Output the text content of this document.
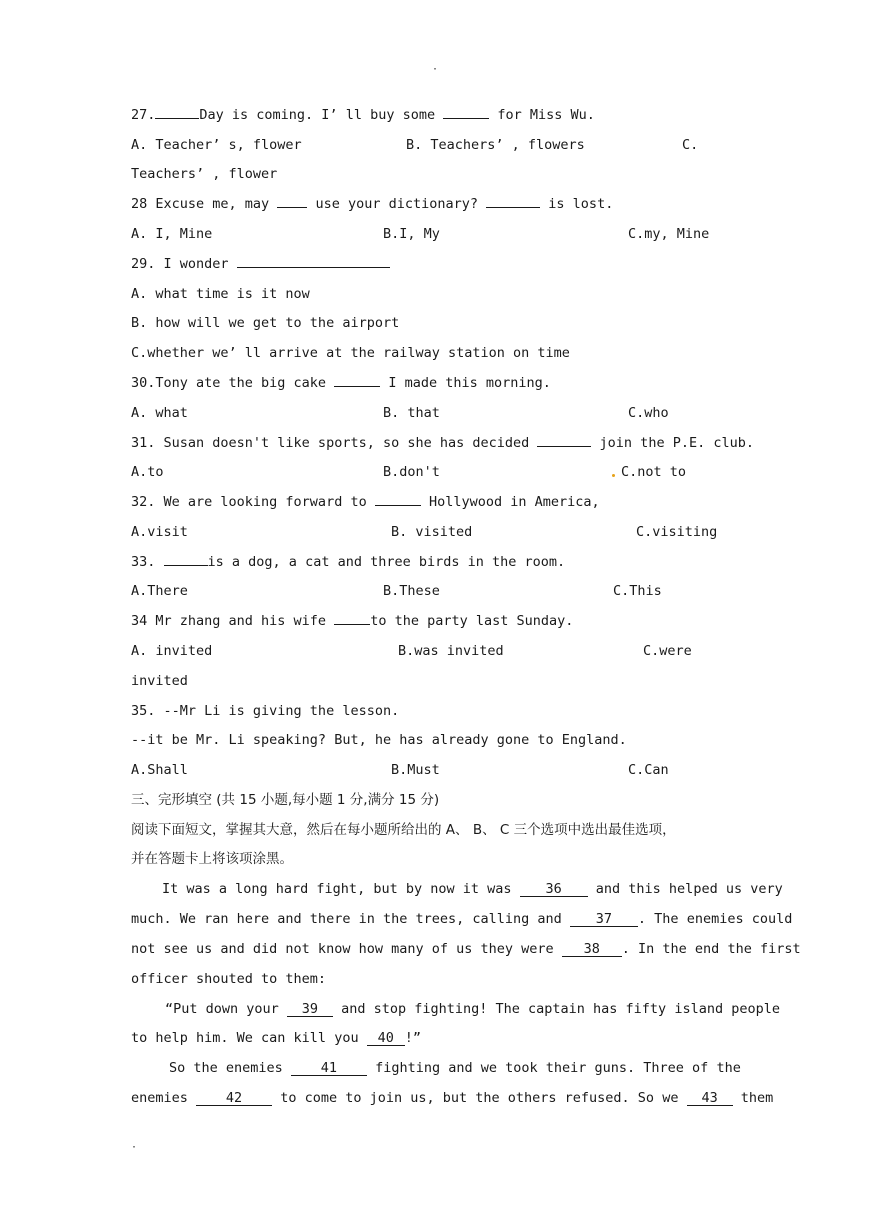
·
27.	Day is coming. I’ ll buy some	for Miss Wu.
A. Teacher’ s, flower	B. Teachers’ , flowers	C.
Teachers’ , flower
28 Excuse me, may	use your dictionary?	is lost.
A. I, Mine	B.I, My	C.my, Mine
29. I wonder
A. what time is it now
B. how will we get to the airport
C.whether we’ ll arrive at the railway station on time
30.Tony ate the big cake	I made this morning.
A. what	B. that	C.who
31. Susan doesn't like sports, so she has decided	join the P.E. club.
A.to	B.don't	C.not to
32. We are looking forward to	Hollywood in America,
A.visit	B. visited	C.visiting
33.	is a dog, a cat and three birds in the room.
A.There	B.These	C.This
34 Mr zhang and his wife	to the party last Sunday.
A. invited	B.was invited	C.were
invited
35. --Mr Li is giving the lesson.
--it be Mr. Li speaking? But, he has already gone to England.
A.Shall	B.Must	C.Can
三、完形填空 (共 15 小题,每小题 1 分,满分 15 分)
阅读下面短文，掌握其大意，然后在每小题所给出的 A、 B、 C 三个选项中选出最佳选项，
并在答题卡上将该项涂黑。
It was a long hard fight, but by now it was	36	and this helped us very
much. We ran here and there in the trees, calling and	37 . The enemies could
not see us and did not know how many of us they were 38 . In the end the first
officer shouted to them:
“Put down your 39 and stop fighting! The captain has fifty island people
to help him. We can kill you 40 !”
So the enemies	41	fighting and we took their guns. Three of the
enemies	42	to come to join us, but the others refused. So we 43 them
·
